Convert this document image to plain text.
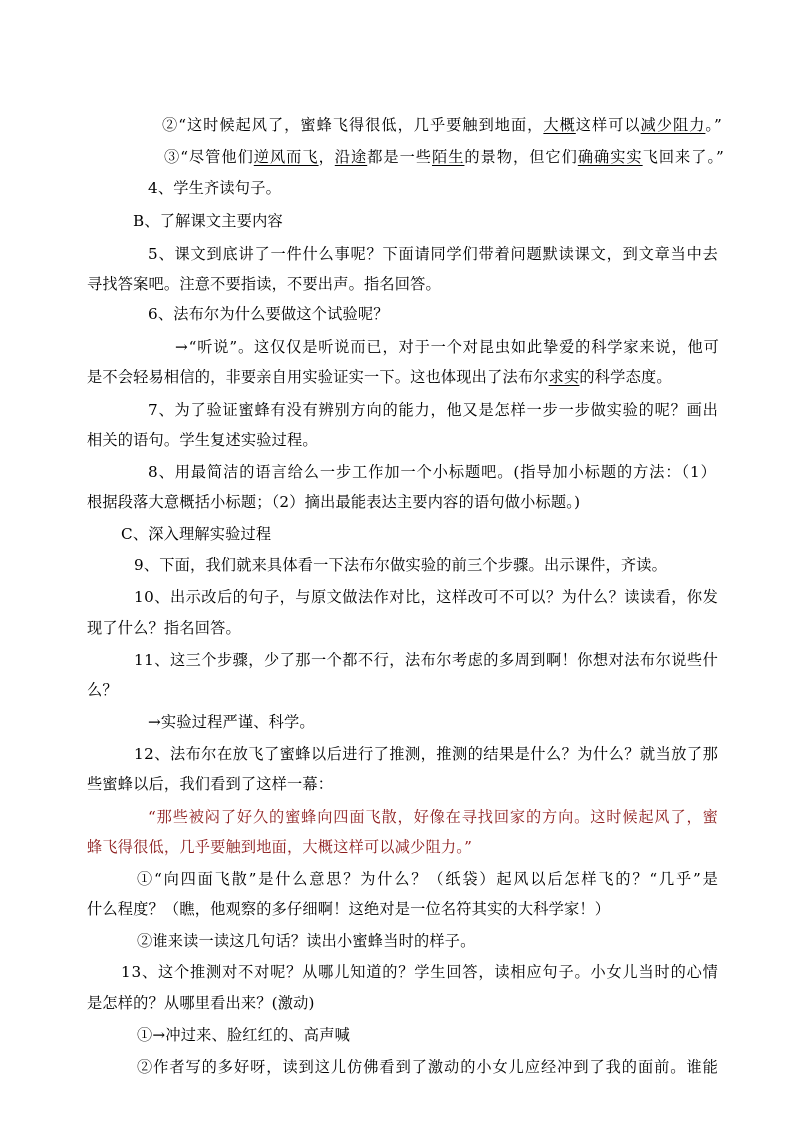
②“这时候起风了，蜜蜂飞得很低，几乎要触到地面，大概这样可以减少阻力。”

③“尽管他们逆风而飞，沿途都是一些陌生的景物，但它们确确实实飞回来了。”

4、学生齐读句子。

B、了解课文主要内容

5、课文到底讲了一件什么事呢？下面请同学们带着问题默读课文，到文章当中去

寻找答案吧。注意不要指读，不要出声。指名回答。

6、法布尔为什么要做这个试验呢？

→“听说”。这仅仅是听说而已，对于一个对昆虫如此挚爱的科学家来说，他可

是不会轻易相信的，非要亲自用实验证实一下。这也体现出了法布尔求实的科学态度。

7、为了验证蜜蜂有没有辨别方向的能力，他又是怎样一步一步做实验的呢？画出

相关的语句。学生复述实验过程。

8、用最简洁的语言给么一步工作加一个小标题吧。(指导加小标题的方法：（1）

根据段落大意概括小标题；（2）摘出最能表达主要内容的语句做小标题。)

C、深入理解实验过程

9、下面，我们就来具体看一下法布尔做实验的前三个步骤。出示课件，齐读。

10、出示改后的句子，与原文做法作对比，这样改可不可以？为什么？读读看，你发

现了什么？指名回答。

11、这三个步骤，少了那一个都不行，法布尔考虑的多周到啊！你想对法布尔说些什

么？

→实验过程严谨、科学。

12、法布尔在放飞了蜜蜂以后进行了推测，推测的结果是什么？为什么？就当放了那

些蜜蜂以后，我们看到了这样一幕：

“那些被闷了好久的蜜蜂向四面飞散，好像在寻找回家的方向。这时候起风了，蜜

蜂飞得很低，几乎要触到地面，大概这样可以减少阻力。”

①“向四面飞散”是什么意思？为什么？（纸袋）起风以后怎样飞的？“几乎”是

什么程度？（瞧，他观察的多仔细啊！这绝对是一位名符其实的大科学家！）

②谁来读一读这几句话？读出小蜜蜂当时的样子。

13、这个推测对不对呢？从哪儿知道的？学生回答，读相应句子。小女儿当时的心情

是怎样的？从哪里看出来？(激动)

①→冲过来、脸红红的、高声喊

②作者写的多好呀，读到这儿仿佛看到了激动的小女儿应经冲到了我的面前。谁能
